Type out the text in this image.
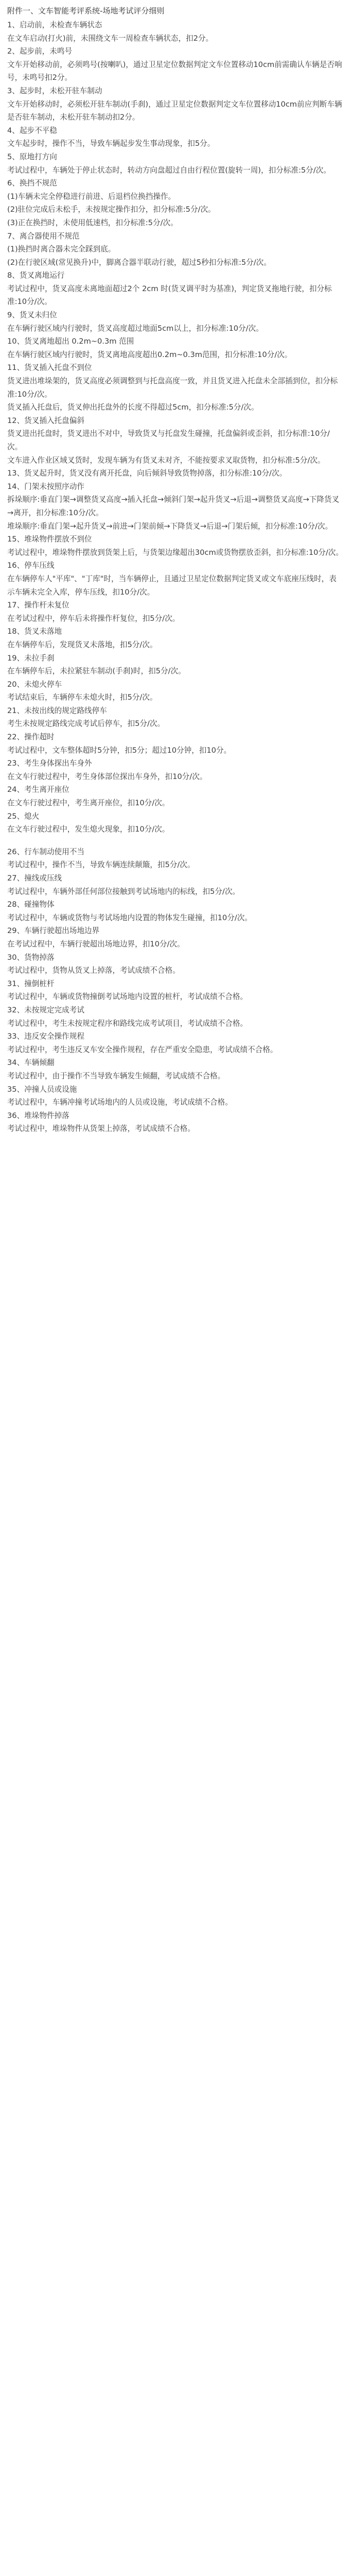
附件一、文车智能考评系统-场地考试评分细则
1、启动前，未检查车辆状态
在文车启动(打火)前，未围绕文车一周检查车辆状态，扣2分。
2、起步前，未鸣号
文车开始移动前，必须鸣号(按喇叭)，通过卫星定位数据判定文车位置移动10cm前需确认车辆是否响号，未鸣号扣2分。
3、起步时，未松开驻车制动
文车开始移动时，必须松开驻车制动(手刹)，通过卫星定位数据判定文车位置移动10cm前应判断车辆是否驻车制动，未松开驻车制动扣2分。
4、起步不平稳
文车起步时，操作不当，导致车辆起步发生事动现象，扣5分。
5、原地打方向
考试过程中，车辆处于停止状态时，转动方向盘超过自由行程位置(旋转一周)，扣分标准:5分/次。
6、换挡不规范
(1)车辆未完全停稳进行前进、后退档位换挡操作。
(2)驻位完成后未松手，未按规定操作扣分，扣分标准:5分/次。
(3)正在换挡时，未使用低速档，扣分标准:5分/次。
7、离合器使用不规范
(1)换挡时离合器未完全踩到底。
(2)在行驶区域(常见换升)中，脚离合器半联动行驶，超过5秒扣分标准:5分/次。
8、货叉离地运行
考试过程中，货叉高度未离地面超过2个 2cm 时(货叉调平时为基准)，判定货叉拖地行驶，扣分标准:10分/次。
9、货叉未归位
在车辆行驶区域内行驶时，货叉高度超过地面5cm以上，扣分标准:10分/次。
10、货叉离地超出 0.2m~0.3m 范围
在车辆行驶区域内行驶时，货叉离地高度超出0.2m~0.3m范围，扣分标准:10分/次。
11、货叉插入托盘不到位
货叉进出堆垛架的，货叉高度必须调整到与托盘高度一致，并且货叉进入托盘未全部插到位，扣分标准:10分/次。
货叉插入托盘后，货叉伸出托盘外的长度不得超过5cm，扣分标准:5分/次。
12、货叉插入托盘偏斜
货叉进出托盘时，货叉进出不对中，导致货叉与托盘发生碰撞，托盘偏斜或歪斜，扣分标准:10分/次。
文车进入作业区域叉货时，发现车辆为有货叉未对齐，不能按要求叉取货物，扣分标准:5分/次。
13、货叉起升时，货叉没有离开托盘，向后倾斜导致货物掉落，扣分标准:10分/次。
14、门架未按照序动作
拆垛顺序:垂直门架→调整货叉高度→插入托盘→倾斜门架→起升货叉→后退→调整货叉高度→下降货叉→离开，扣分标准:10分/次。
堆垛顺序:垂直门架→起升货叉→前进→门架前倾→下降货叉→后退→门架后倾，扣分标准:10分/次。
15、堆垛物件摆放不到位
考试过程中，堆垛物件摆放到货架上后，与货架边缘超出30cm或货物摆放歪斜，扣分标准:10分/次。
16、停车压线
在车辆停车人"平库"、"丁库"时，当车辆停止，且通过卫星定位数据判定货叉或文车底座压线时，表示车辆未完全入库，停车压线，扣10分/次。
17、操作杆未复位
在考试过程中，停车后未将操作杆复位，扣5分/次。
18、货叉未落地
在车辆停车后，发现货叉未落地，扣5分/次。
19、未拉手刹
在车辆停车后，未拉紧驻车制动(手刹)时，扣5分/次。
20、未熄火停车
考试结束后，车辆停车未熄火时，扣5分/次。
21、未按出线的规定路线停车
考生未按规定路线完成考试后停车，扣5分/次。
22、操作超时
考试过程中，文车整体超时5分钟，扣5分；超过10分钟，扣10分。
23、考生身体探出车身外
在文车行驶过程中，考生身体部位探出车身外，扣10分/次。
24、考生离开座位
在文车行驶过程中，考生离开座位，扣10分/次。
25、熄火
在文车行驶过程中，发生熄火现象，扣10分/次。
26、行车制动使用不当
考试过程中，操作不当，导致车辆连续颠簸，扣5分/次。
27、撞线或压线
考试过程中，车辆外部任何部位接触到考试场地内的标线，扣5分/次。
28、碰撞物体
考试过程中，车辆或货物与考试场地内设置的物体发生碰撞，扣10分/次。
29、车辆行驶超出场地边界
在考试过程中，车辆行驶超出场地边界，扣10分/次。
30、货物掉落
考试过程中，货物从货叉上掉落，考试成绩不合格。
31、撞倒桩杆
考试过程中，车辆或货物撞倒考试场地内设置的桩杆，考试成绩不合格。
32、未按规定完成考试
考试过程中，考生未按规定程序和路线完成考试项目，考试成绩不合格。
33、违反安全操作规程
考试过程中，考生违反叉车安全操作规程，存在严重安全隐患，考试成绩不合格。
34、车辆倾翻
考试过程中，由于操作不当导致车辆发生倾翻，考试成绩不合格。
35、冲撞人员或设施
考试过程中，车辆冲撞考试场地内的人员或设施，考试成绩不合格。
36、堆垛物件掉落
考试过程中，堆垛物件从货架上掉落，考试成绩不合格。
